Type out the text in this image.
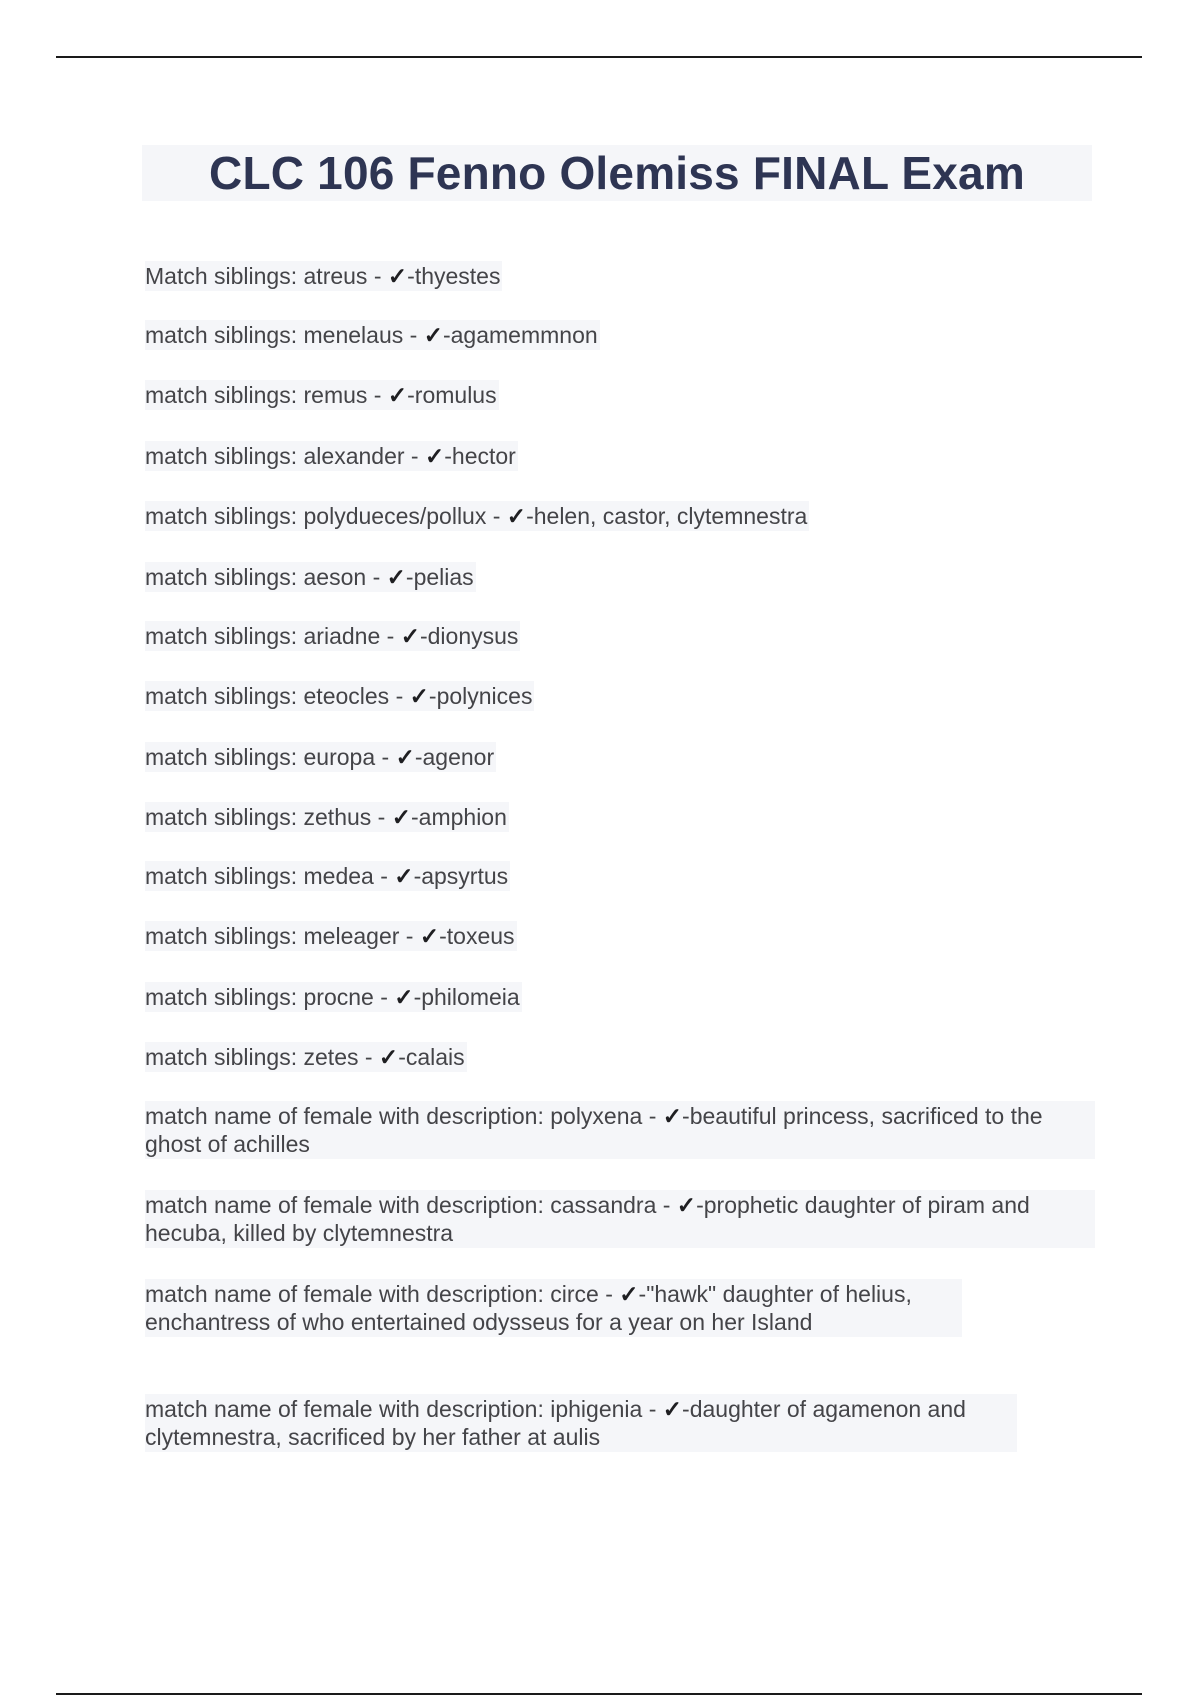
CLC 106 Fenno Olemiss FINAL Exam
Match siblings: atreus - ✓-thyestes
match siblings: menelaus - ✓-agamemmnon
match siblings: remus - ✓-romulus
match siblings: alexander - ✓-hector
match siblings: polydueces/pollux - ✓-helen, castor, clytemnestra
match siblings: aeson - ✓-pelias
match siblings: ariadne - ✓-dionysus
match siblings: eteocles - ✓-polynices
match siblings: europa - ✓-agenor
match siblings: zethus - ✓-amphion
match siblings: medea - ✓-apsyrtus
match siblings: meleager - ✓-toxeus
match siblings: procne - ✓-philomeia
match siblings: zetes - ✓-calais
match name of female with description: polyxena - ✓-beautiful princess, sacrificed to the ghost of achilles
match name of female with description: cassandra - ✓-prophetic daughter of piram and hecuba, killed by clytemnestra
match name of female with description: circe - ✓-"hawk" daughter of helius, enchantress of who entertained odysseus for a year on her Island
match name of female with description: iphigenia - ✓-daughter of agamenon and clytemnestra, sacrificed by her father at aulis
